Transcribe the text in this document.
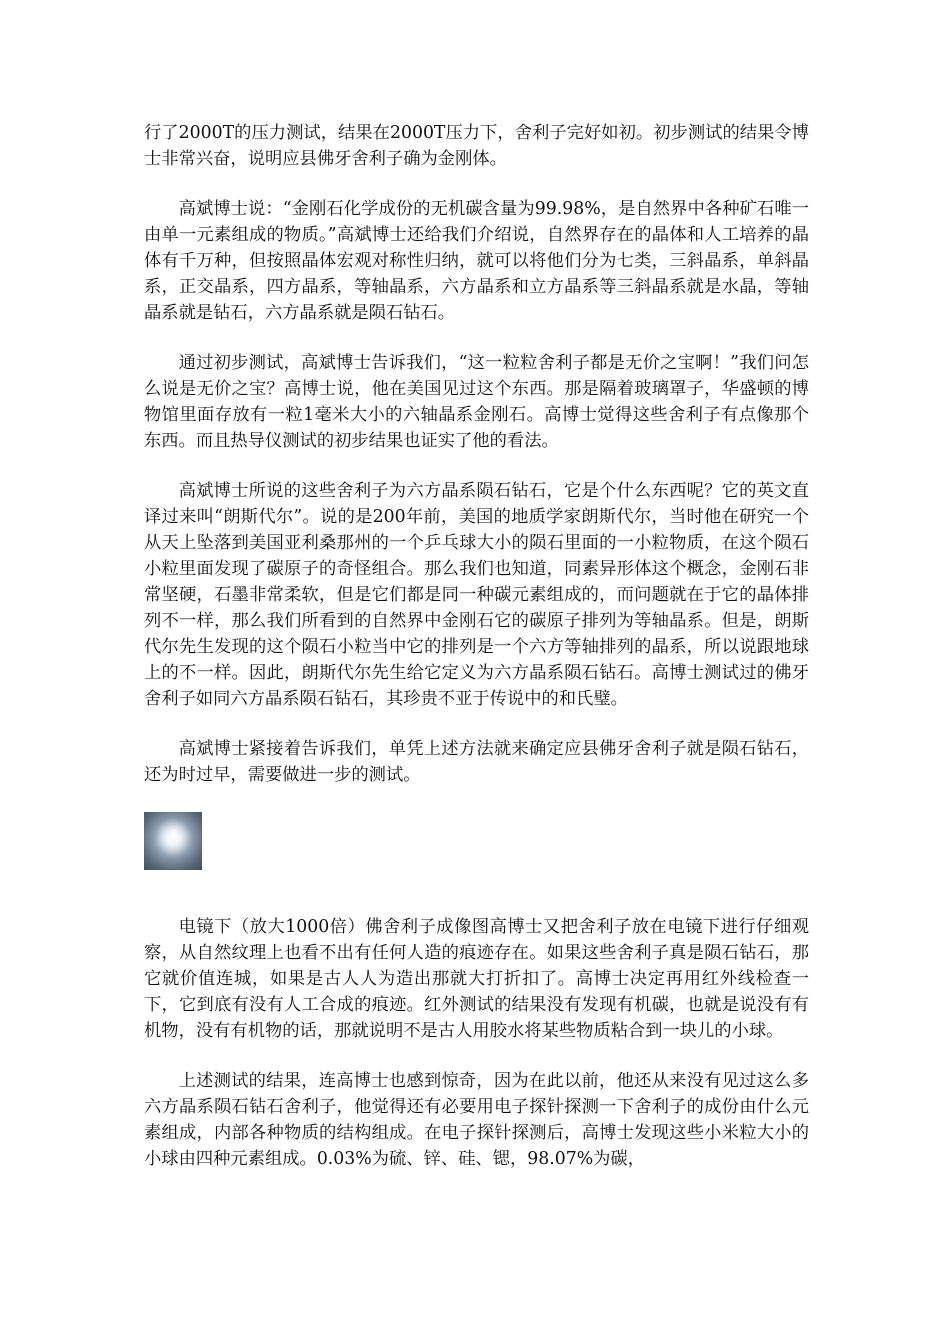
行了2000T的压力测试，结果在2000T压力下，舍利子完好如初。初步测试的结果令博士非常兴奋，说明应县佛牙舍利子确为金刚体。

高斌博士说：“金刚石化学成份的无机碳含量为99.98%，是自然界中各种矿石唯一由单一元素组成的物质。”高斌博士还给我们介绍说，自然界存在的晶体和人工培养的晶体有千万种，但按照晶体宏观对称性归纳，就可以将他们分为七类，三斜晶系，单斜晶系，正交晶系，四方晶系，等轴晶系，六方晶系和立方晶系等三斜晶系就是水晶，等轴晶系就是钻石，六方晶系就是陨石钻石。

通过初步测试，高斌博士告诉我们，“这一粒粒舍利子都是无价之宝啊！”我们问怎么说是无价之宝？高博士说，他在美国见过这个东西。那是隔着玻璃罩子，华盛顿的博物馆里面存放有一粒1毫米大小的六轴晶系金刚石。高博士觉得这些舍利子有点像那个东西。而且热导仪测试的初步结果也证实了他的看法。

高斌博士所说的这些舍利子为六方晶系陨石钻石，它是个什么东西呢？它的英文直译过来叫“朗斯代尔”。说的是200年前，美国的地质学家朗斯代尔，当时他在研究一个从天上坠落到美国亚利桑那州的一个乒乓球大小的陨石里面的一小粒物质，在这个陨石小粒里面发现了碳原子的奇怪组合。那么我们也知道，同素异形体这个概念，金刚石非常坚硬，石墨非常柔软，但是它们都是同一种碳元素组成的，而问题就在于它的晶体排列不一样，那么我们所看到的自然界中金刚石它的碳原子排列为等轴晶系。但是，朗斯代尔先生发现的这个陨石小粒当中它的排列是一个六方等轴排列的晶系，所以说跟地球上的不一样。因此，朗斯代尔先生给它定义为六方晶系陨石钻石。高博士测试过的佛牙舍利子如同六方晶系陨石钻石，其珍贵不亚于传说中的和氏璧。

高斌博士紧接着告诉我们，单凭上述方法就来确定应县佛牙舍利子就是陨石钻石，还为时过早，需要做进一步的测试。

电镜下（放大1000倍）佛舍利子成像图高博士又把舍利子放在电镜下进行仔细观察，从自然纹理上也看不出有任何人造的痕迹存在。如果这些舍利子真是陨石钻石，那它就价值连城，如果是古人人为造出那就大打折扣了。高博士决定再用红外线检查一下，它到底有没有人工合成的痕迹。红外测试的结果没有发现有机碳，也就是说没有有机物，没有有机物的话，那就说明不是古人用胶水将某些物质粘合到一块儿的小球。

上述测试的结果，连高博士也感到惊奇，因为在此以前，他还从来没有见过这么多六方晶系陨石钻石舍利子，他觉得还有必要用电子探针探测一下舍利子的成份由什么元素组成，内部各种物质的结构组成。在电子探针探测后，高博士发现这些小米粒大小的小球由四种元素组成。0.03%为硫、锌、硅、锶，98.07%为碳，
